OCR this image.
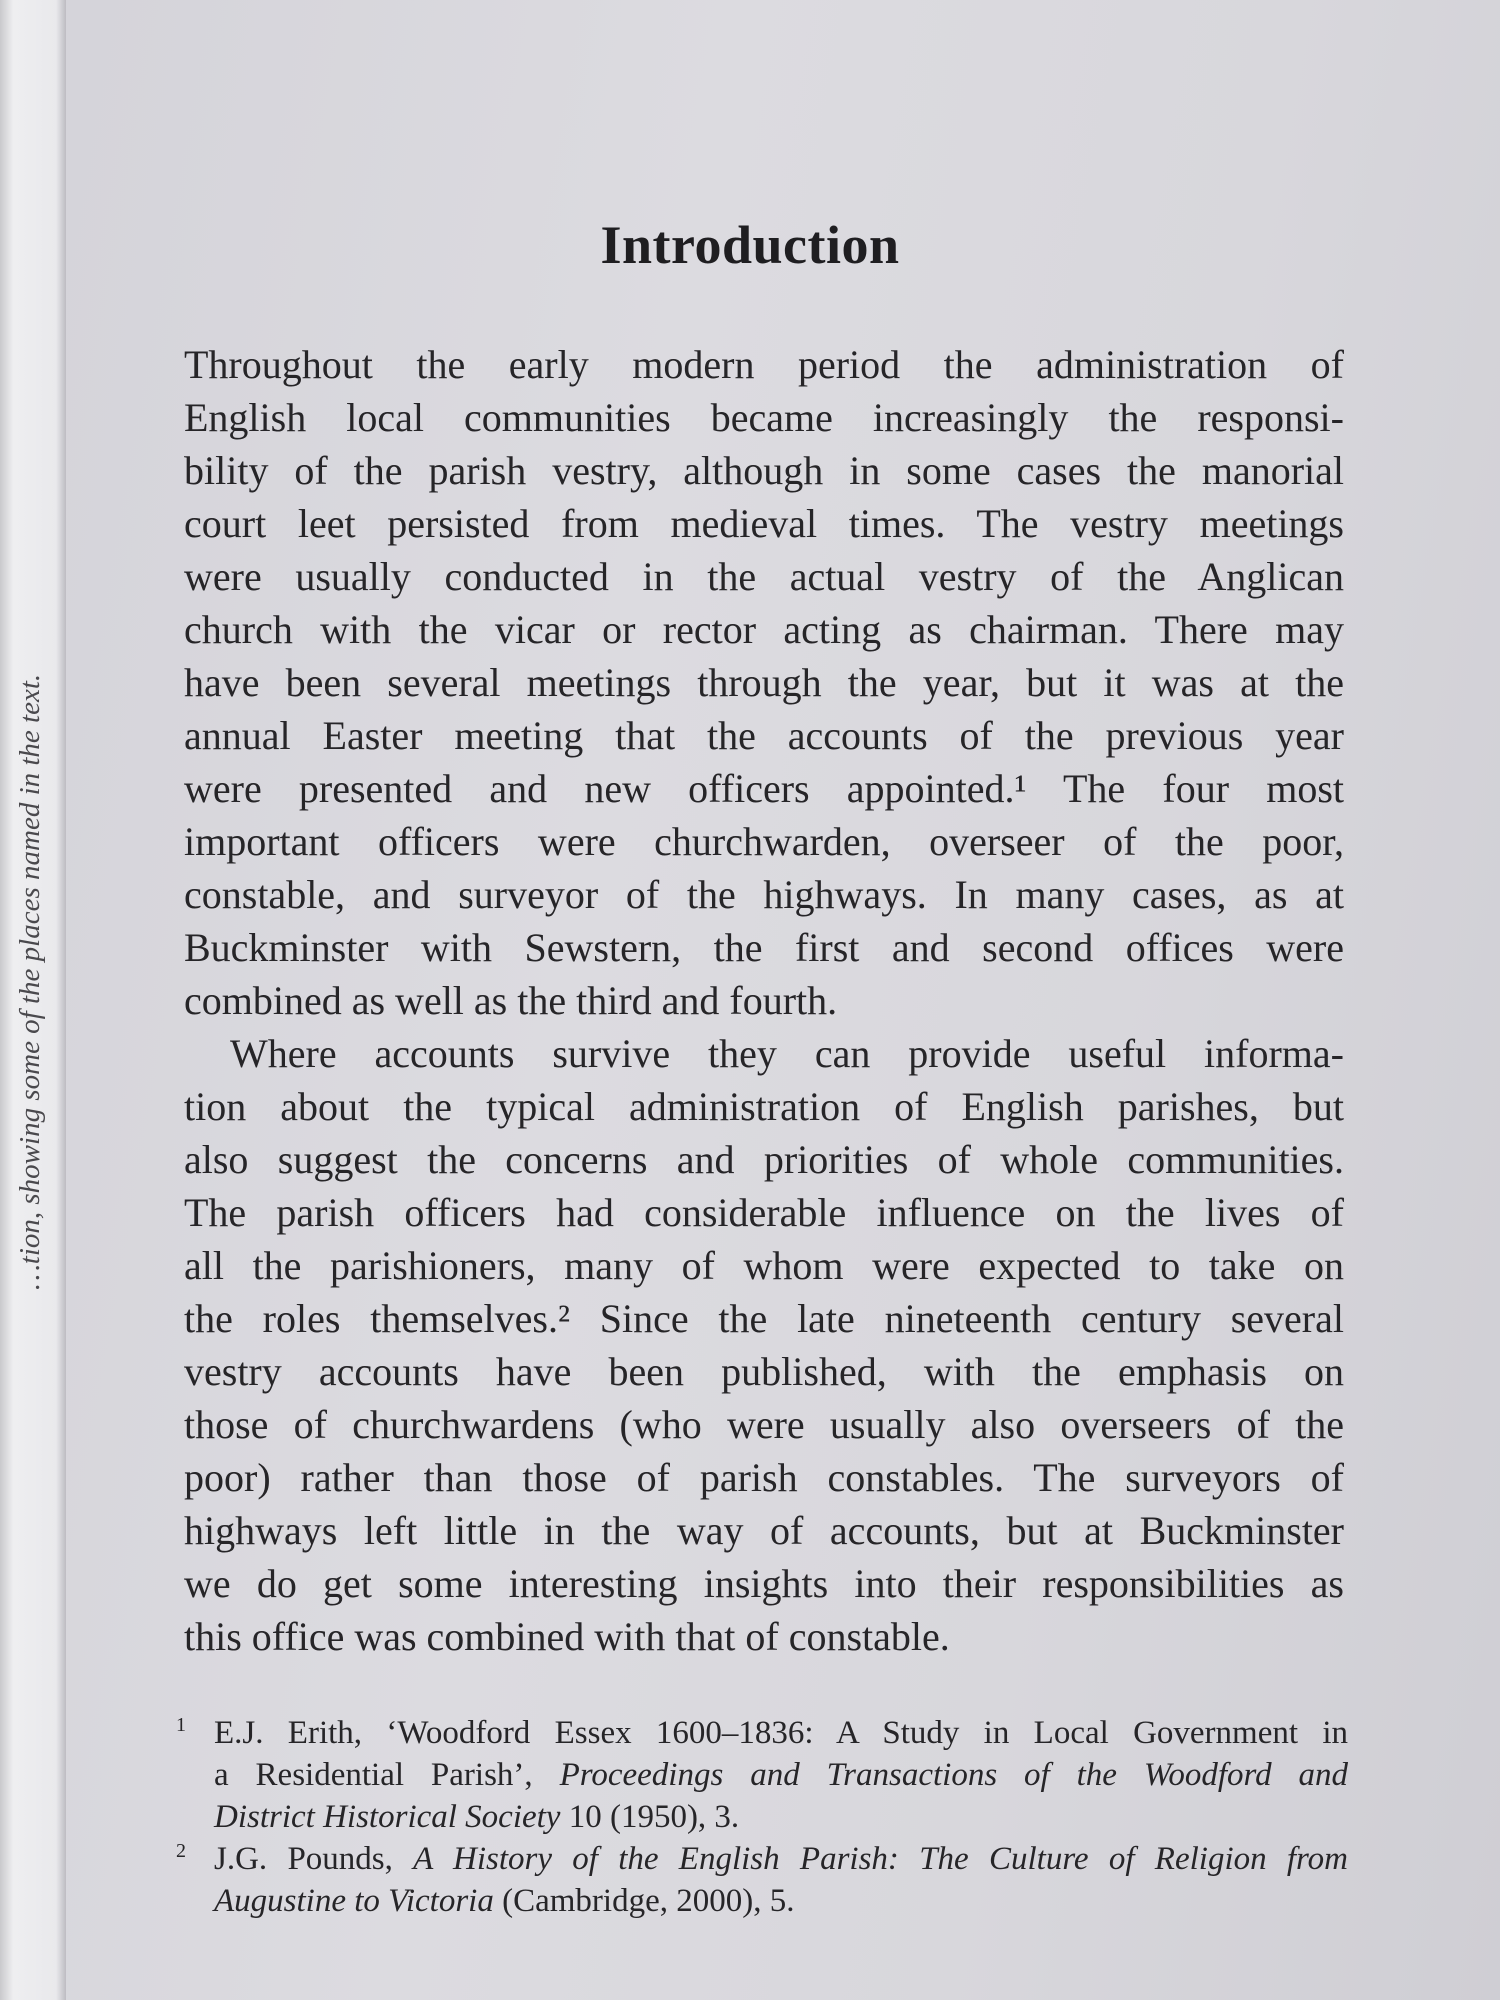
…tion, showing some of the places named in the text.
Introduction
Throughout the early modern period the administration of
English local communities became increasingly the responsi-
bility of the parish vestry, although in some cases the manorial
court leet persisted from medieval times. The vestry meetings
were usually conducted in the actual vestry of the Anglican
church with the vicar or rector acting as chairman. There may
have been several meetings through the year, but it was at the
annual Easter meeting that the accounts of the previous year
were presented and new officers appointed.¹ The four most
important officers were churchwarden, overseer of the poor,
constable, and surveyor of the highways. In many cases, as at
Buckminster with Sewstern, the first and second offices were
combined as well as the third and fourth.
Where accounts survive they can provide useful informa-
tion about the typical administration of English parishes, but
also suggest the concerns and priorities of whole communities.
The parish officers had considerable influence on the lives of
all the parishioners, many of whom were expected to take on
the roles themselves.² Since the late nineteenth century several
vestry accounts have been published, with the emphasis on
those of churchwardens (who were usually also overseers of the
poor) rather than those of parish constables. The surveyors of
highways left little in the way of accounts, but at Buckminster
we do get some interesting insights into their responsibilities as
this office was combined with that of constable.
1 E.J. Erith, ‘Woodford Essex 1600–1836: A Study in Local Government in
a Residential Parish’, Proceedings and Transactions of the Woodford and
District Historical Society 10 (1950), 3.
2 J.G. Pounds, A History of the English Parish: The Culture of Religion from
Augustine to Victoria (Cambridge, 2000), 5.
